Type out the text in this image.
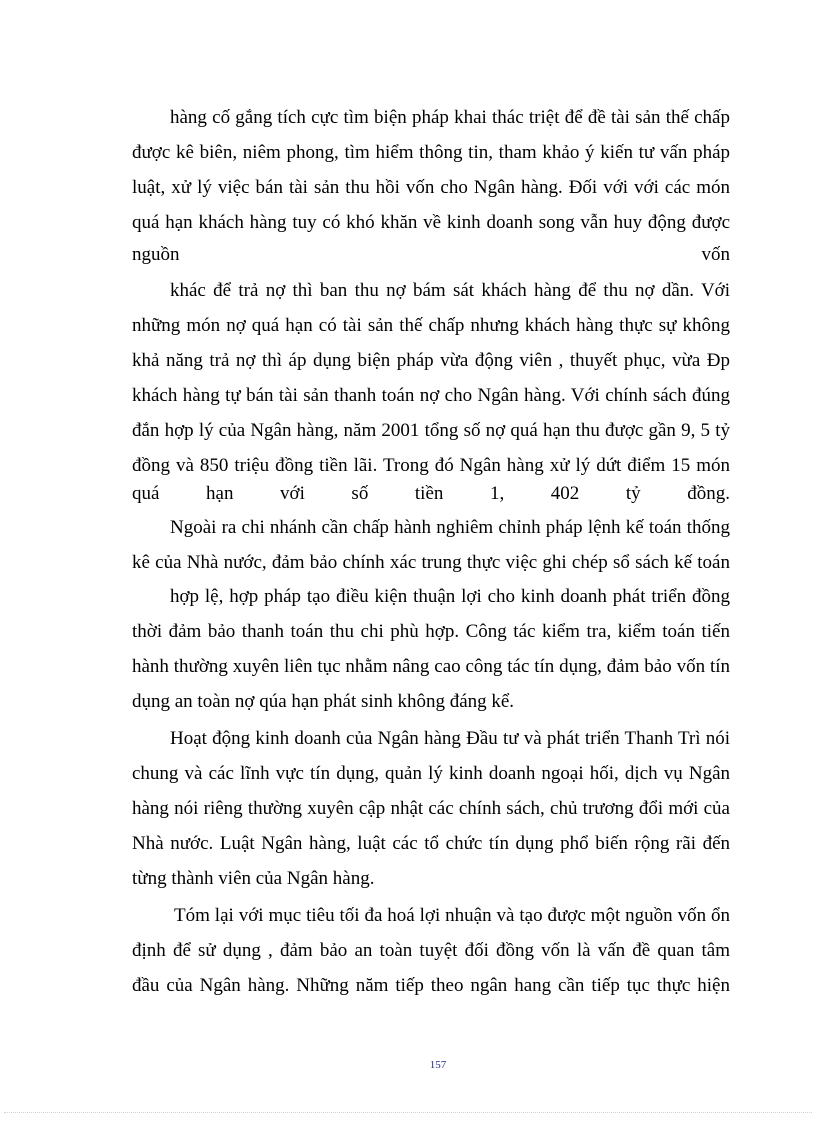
hàng cố gắng tích cực tìm biện pháp khai thác triệt để đề tài sản thế chấp

được kê biên, niêm phong, tìm hiểm thông tin, tham khảo ý kiến tư vấn pháp

luật, xử lý việc bán tài sản thu hồi vốn cho Ngân hàng. Đối với với các món

quá hạn khách hàng tuy có khó khăn về kinh doanh song vẫn huy động được

nguồn vốn

khác để trả nợ thì ban thu nợ bám sát khách hàng để thu nợ dần. Với

những món nợ quá hạn có tài sản thế chấp nhưng khách hàng thực sự không

khả năng trả nợ thì áp dụng biện pháp vừa động viên , thuyết phục, vừa Đp

khách hàng tự bán tài sản thanh toán nợ cho Ngân hàng. Với chính sách đúng

đắn hợp lý của Ngân hàng, năm 2001 tổng số nợ quá hạn thu được gần 9, 5 tỷ

đồng và 850 triệu đồng tiền lãi. Trong đó Ngân hàng xử lý dứt điểm 15 món

quá hạn với số tiền 1, 402 tỷ đồng.

Ngoài ra chi nhánh cần chấp hành nghiêm chỉnh pháp lệnh kế toán thống

kê của Nhà nước, đảm bảo chính xác trung thực việc ghi chép sổ sách kế toán

hợp lệ, hợp pháp tạo điều kiện thuận lợi cho kinh doanh phát triển đồng

thời đảm bảo thanh toán thu chi phù hợp. Công tác kiểm tra, kiểm toán tiến

hành thường xuyên liên tục nhằm nâng cao công tác tín dụng, đảm bảo vốn tín

dụng an toàn nợ qúa hạn phát sinh không đáng kể.

Hoạt động kinh doanh của Ngân hàng Đầu tư và phát triển Thanh Trì nói

chung và các lĩnh vực tín dụng, quản lý kinh doanh ngoại hối, dịch vụ Ngân

hàng nói riêng thường xuyên cập nhật các chính sách, chủ trương đổi mới của

Nhà nước. Luật Ngân hàng, luật các tổ chức tín dụng phổ biến rộng rãi đến

từng thành viên của Ngân hàng.

Tóm lại với mục tiêu tối đa hoá lợi nhuận và tạo được một nguồn vốn ổn

định để sử dụng , đảm bảo an toàn tuyệt đối đồng vốn là vấn đề quan tâm

đầu của Ngân hàng. Những năm tiếp theo ngân hang cần tiếp tục thực hiện

157
